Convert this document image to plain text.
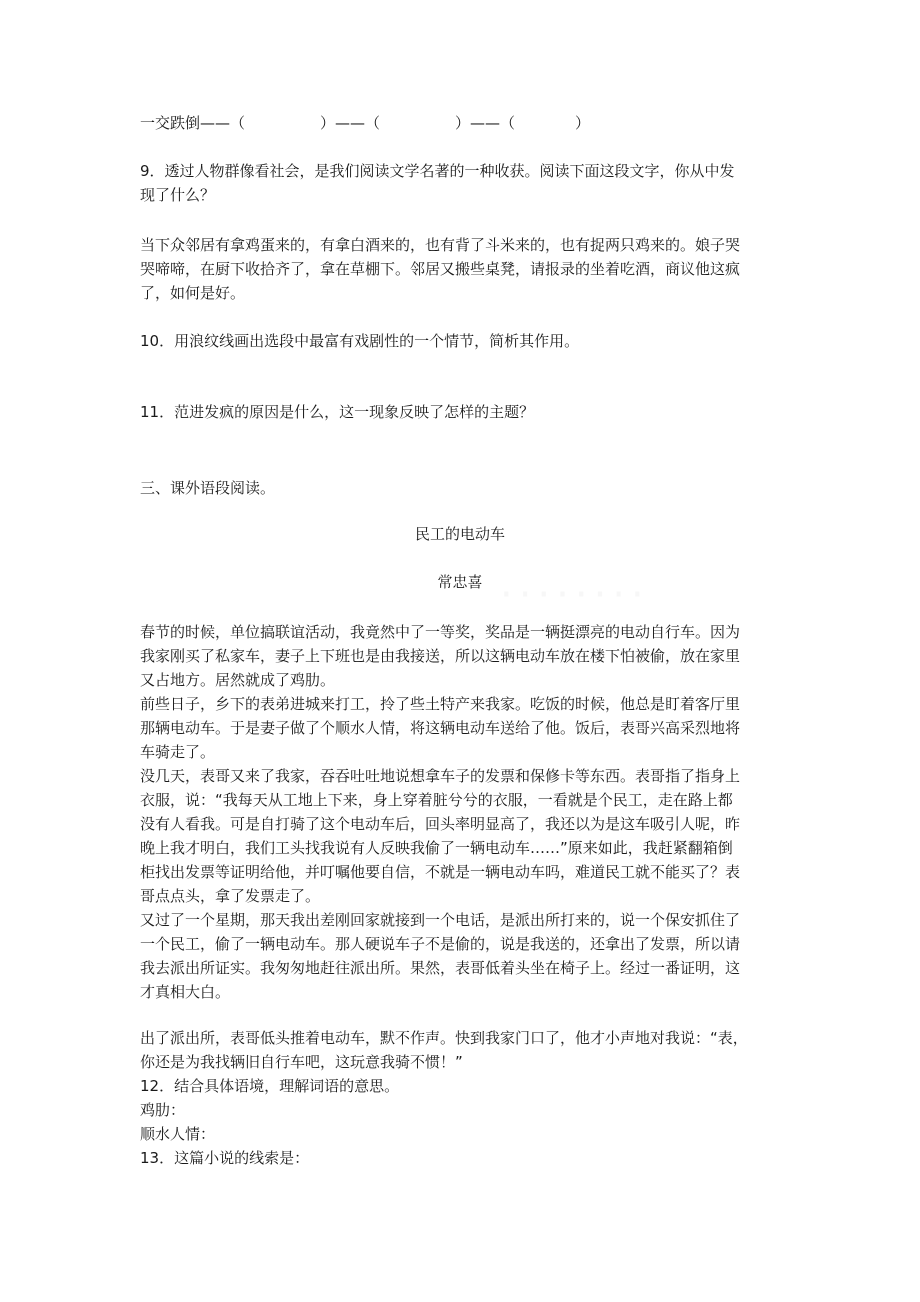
一交跌倒——（　　　　　）——（　　　　　）——（　　　　）
9．透过人物群像看社会，是我们阅读文学名著的一种收获。阅读下面这段文字，你从中发
现了什么？
当下众邻居有拿鸡蛋来的，有拿白酒来的，也有背了斗米来的，也有捉两只鸡来的。娘子哭
哭啼啼，在厨下收拾齐了，拿在草棚下。邻居又搬些桌凳，请报录的坐着吃酒，商议他这疯
了，如何是好。
10．用浪纹线画出选段中最富有戏剧性的一个情节，简析其作用。
11．范进发疯的原因是什么，这一现象反映了怎样的主题？
三、课外语段阅读。
民工的电动车
常忠喜 ········
春节的时候，单位搞联谊活动，我竟然中了一等奖，奖品是一辆挺漂亮的电动自行车。因为
我家刚买了私家车，妻子上下班也是由我接送，所以这辆电动车放在楼下怕被偷，放在家里
又占地方。居然就成了鸡肋。
前些日子，乡下的表弟进城来打工，拎了些土特产来我家。吃饭的时候，他总是盯着客厅里
那辆电动车。于是妻子做了个顺水人情，将这辆电动车送给了他。饭后，表哥兴高采烈地将
车骑走了。
没几天，表哥又来了我家，吞吞吐吐地说想拿车子的发票和保修卡等东西。表哥指了指身上
衣服，说：“我每天从工地上下来，身上穿着脏兮兮的衣服，一看就是个民工，走在路上都
没有人看我。可是自打骑了这个电动车后，回头率明显高了，我还以为是这车吸引人呢，昨
晚上我才明白，我们工头找我说有人反映我偷了一辆电动车……”原来如此，我赶紧翻箱倒
柜找出发票等证明给他，并叮嘱他要自信，不就是一辆电动车吗，难道民工就不能买了？表
哥点点头，拿了发票走了。
又过了一个星期，那天我出差刚回家就接到一个电话，是派出所打来的，说一个保安抓住了
一个民工，偷了一辆电动车。那人硬说车子不是偷的，说是我送的，还拿出了发票，所以请
我去派出所证实。我匆匆地赶往派出所。果然，表哥低着头坐在椅子上。经过一番证明，这
才真相大白。
出了派出所，表哥低头推着电动车，默不作声。快到我家门口了，他才小声地对我说：“表，
你还是为我找辆旧自行车吧，这玩意我骑不惯！”
12．结合具体语境，理解词语的意思。
鸡肋：
顺水人情：
13．这篇小说的线索是：
